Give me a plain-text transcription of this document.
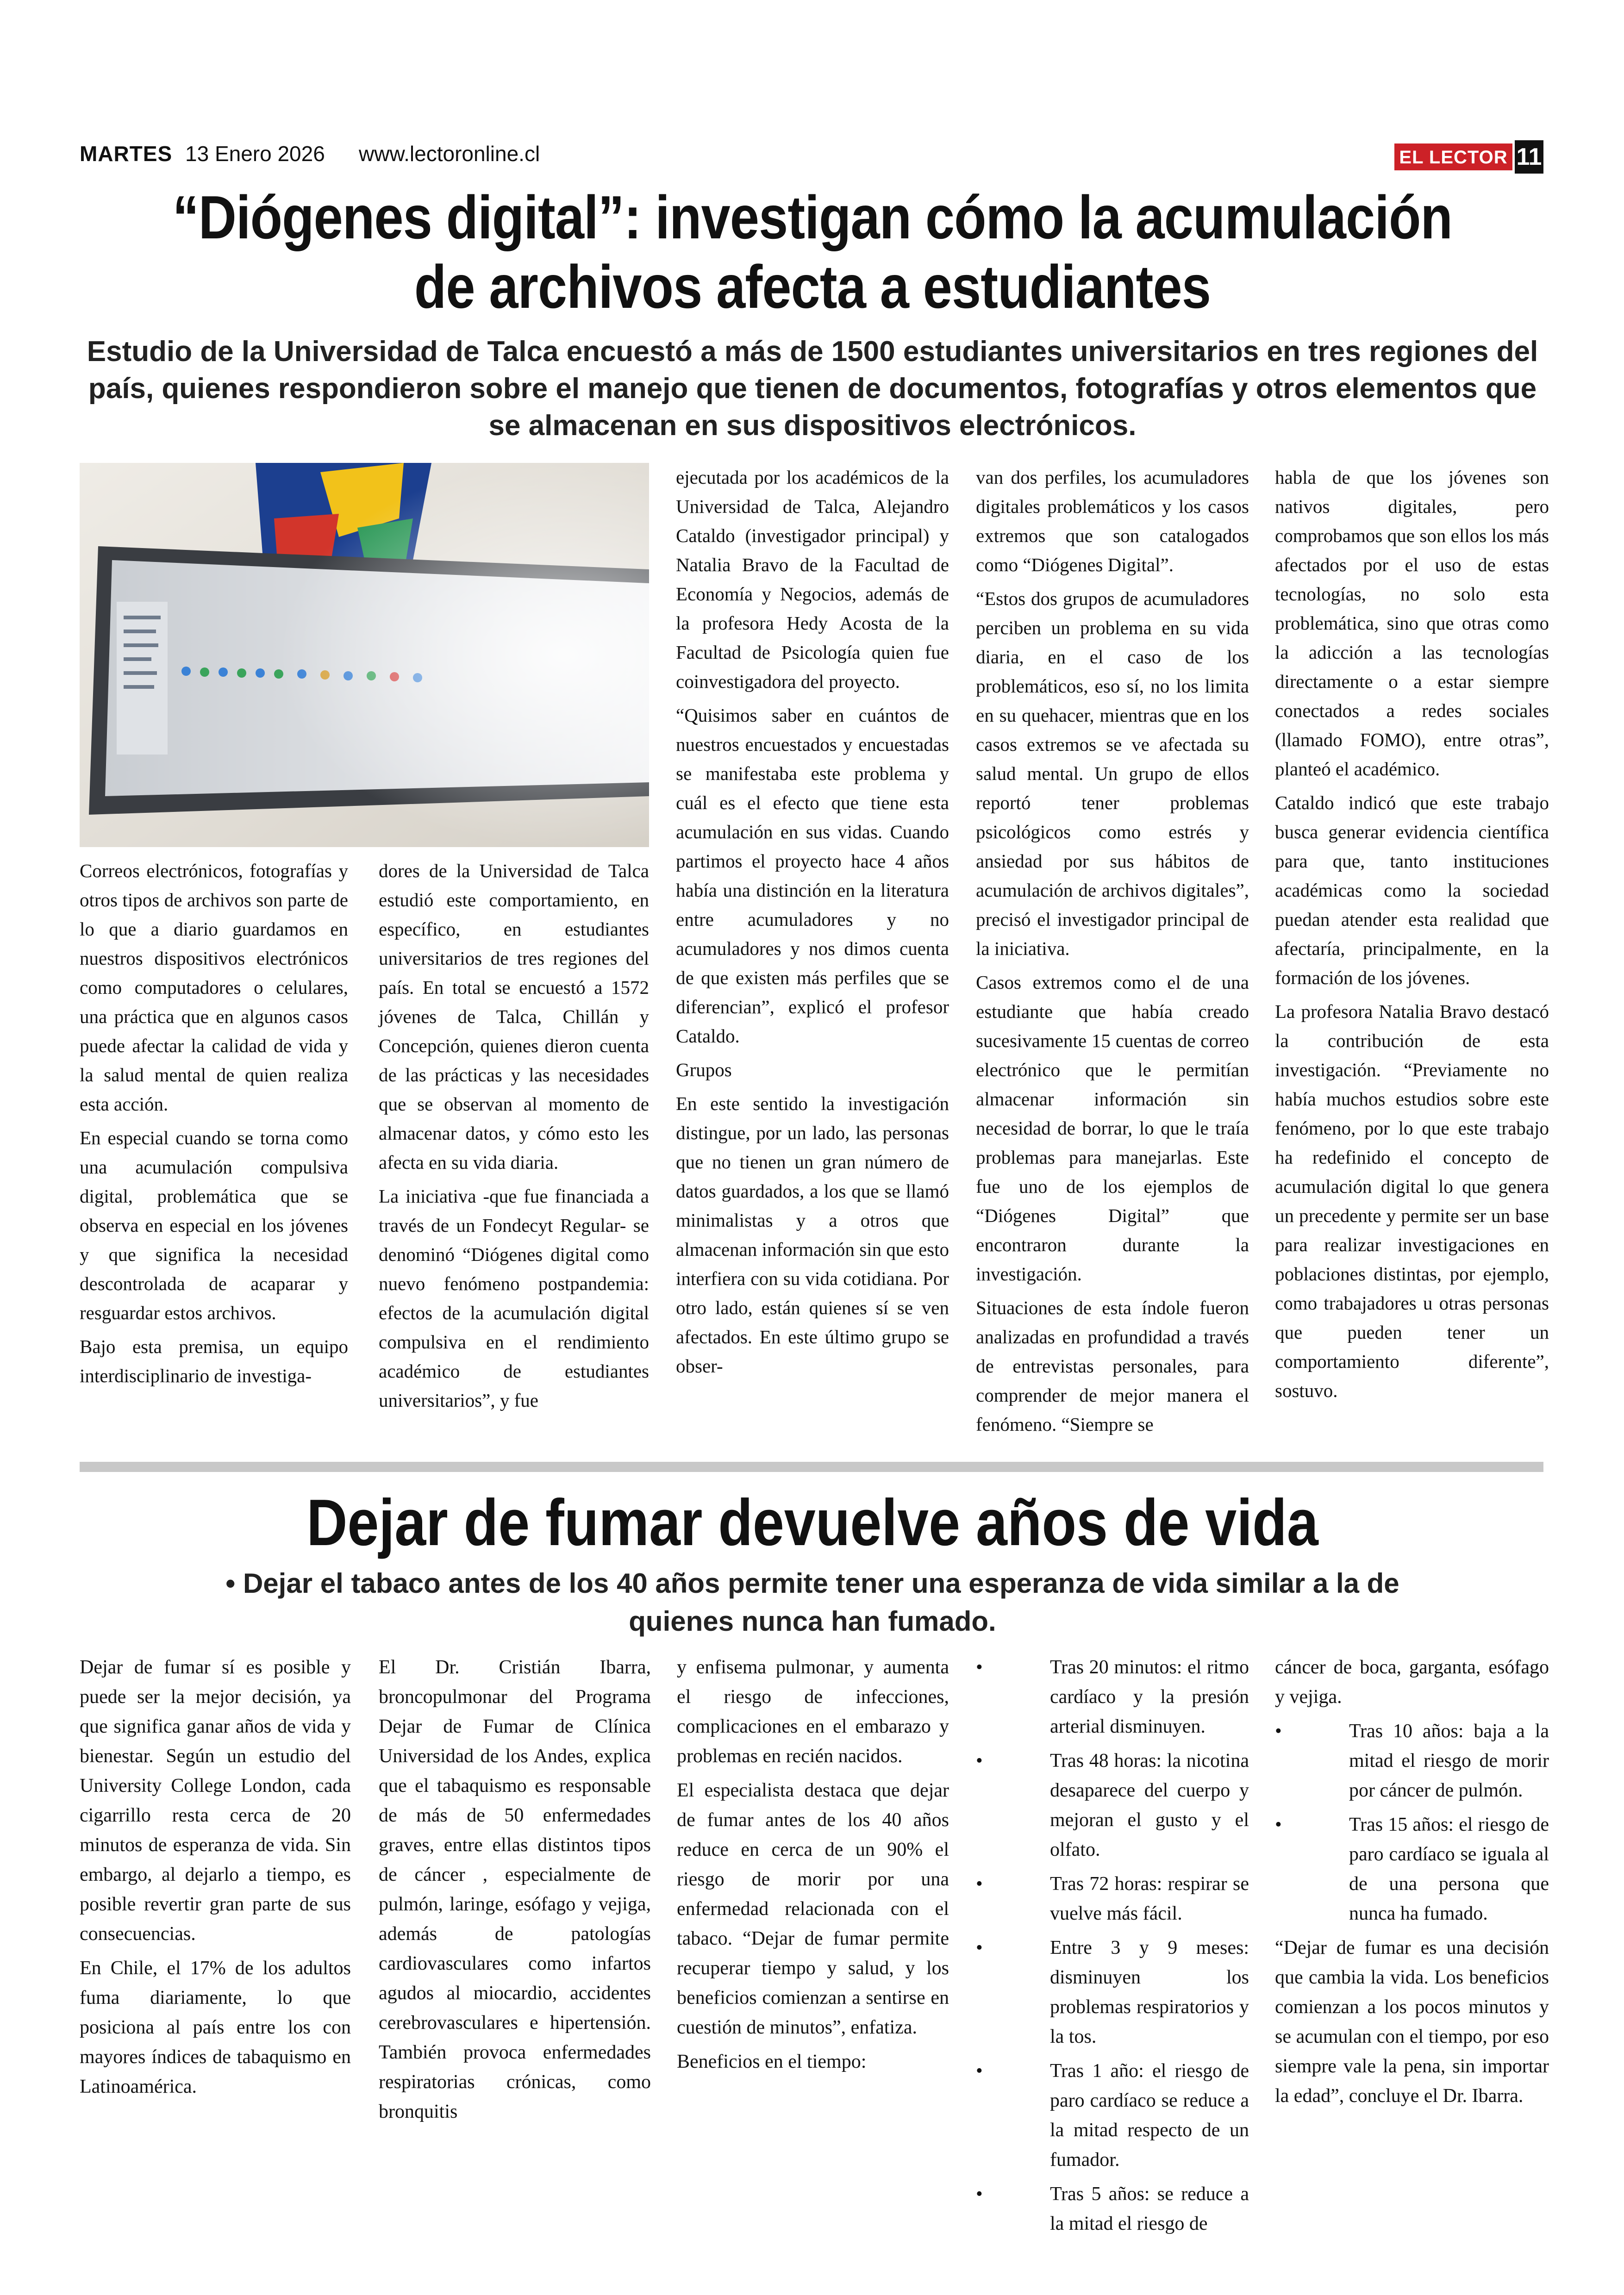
MARTES 13 Enero 2026 www.lectoronline.cl	EL LECTOR 11
“Diógenes digital”: investigan cómo la acumulación de archivos afecta a estudiantes
Estudio de la Universidad de Talca encuestó a más de 1500 estudiantes universitarios en tres regiones del país, quienes respondieron sobre el manejo que tienen de documentos, fotografías y otros elementos que se almacenan en sus dispositivos electrónicos.

Correos electrónicos, fotografías y otros tipos de archivos son parte de lo que a diario guardamos en nuestros dispositivos electrónicos como computadores o celulares, una práctica que en algunos casos puede afectar la calidad de vida y la salud mental de quien realiza esta acción.

En especial cuando se torna como una acumulación compulsiva digital, problemática que se observa en especial en los jóvenes y que significa la necesidad descontrolada de acaparar y resguardar estos archivos.

Bajo esta premisa, un equipo interdisciplinario de investiga-

dores de la Universidad de Talca estudió este comportamiento, en específico, en estudiantes universitarios de tres regiones del país. En total se encuestó a 1572 jóvenes de Talca, Chillán y Concepción, quienes dieron cuenta de las prácticas y las necesidades que se observan al momento de almacenar datos, y cómo esto les afecta en su vida diaria.

La iniciativa -que fue financiada a través de un Fondecyt Regular- se denominó “Diógenes digital como nuevo fenómeno postpandemia: efectos de la acumulación digital compulsiva en el rendimiento académico de estudiantes universitarios”, y fue

ejecutada por los académicos de la Universidad de Talca, Alejandro Cataldo (investigador principal) y Natalia Bravo de la Facultad de Economía y Negocios, además de la profesora Hedy Acosta de la Facultad de Psicología quien fue coinvestigadora del proyecto.

“Quisimos saber en cuántos de nuestros encuestados y encuestadas se manifestaba este problema y cuál es el efecto que tiene esta acumulación en sus vidas. Cuando partimos el proyecto hace 4 años había una distinción en la literatura entre acumuladores y no acumuladores y nos dimos cuenta de que existen más perfiles que se diferencian”, explicó el profesor Cataldo.

Grupos

En este sentido la investigación distingue, por un lado, las personas que no tienen un gran número de datos guardados, a los que se llamó minimalistas y a otros que almacenan información sin que esto interfiera con su vida cotidiana. Por otro lado, están quienes sí se ven afectados. En este último grupo se obser-

van dos perfiles, los acumuladores digitales problemáticos y los casos extremos que son catalogados como “Diógenes Digital”.

“Estos dos grupos de acumuladores perciben un problema en su vida diaria, en el caso de los problemáticos, eso sí, no los limita en su quehacer, mientras que en los casos extremos se ve afectada su salud mental. Un grupo de ellos reportó tener problemas psicológicos como estrés y ansiedad por sus hábitos de acumulación de archivos digitales”, precisó el investigador principal de la iniciativa.

Casos extremos como el de una estudiante que había creado sucesivamente 15 cuentas de correo electrónico que le permitían almacenar información sin necesidad de borrar, lo que le traía problemas para manejarlas. Este fue uno de los ejemplos de “Diógenes Digital” que encontraron durante la investigación.

Situaciones de esta índole fueron analizadas en profundidad a través de entrevistas personales, para comprender de mejor manera el fenómeno. “Siempre se

habla de que los jóvenes son nativos digitales, pero comprobamos que son ellos los más afectados por el uso de estas tecnologías, no solo esta problemática, sino que otras como la adicción a las tecnologías directamente o a estar siempre conectados a redes sociales (llamado FOMO), entre otras”, planteó el académico.

Cataldo indicó que este trabajo busca generar evidencia científica para que, tanto instituciones académicas como la sociedad puedan atender esta realidad que afectaría, principalmente, en la formación de los jóvenes.

La profesora Natalia Bravo destacó la contribución de esta investigación. “Previamente no había muchos estudios sobre este fenómeno, por lo que este trabajo ha redefinido el concepto de acumulación digital lo que genera un precedente y permite ser un base para realizar investigaciones en poblaciones distintas, por ejemplo, como trabajadores u otras personas que pueden tener un comportamiento diferente”, sostuvo.

Dejar de fumar devuelve años de vida
• Dejar el tabaco antes de los 40 años permite tener una esperanza de vida similar a la de quienes nunca han fumado.

Dejar de fumar sí es posible y puede ser la mejor decisión, ya que significa ganar años de vida y bienestar. Según un estudio del University College London, cada cigarrillo resta cerca de 20 minutos de esperanza de vida. Sin embargo, al dejarlo a tiempo, es posible revertir gran parte de sus consecuencias.

En Chile, el 17% de los adultos fuma diariamente, lo que posiciona al país entre los con mayores índices de tabaquismo en Latinoamérica.

El Dr. Cristián Ibarra, broncopulmonar del Programa Dejar de Fumar de Clínica Universidad de los Andes, explica que el tabaquismo es responsable de más de 50 enfermedades graves, entre ellas distintos tipos de cáncer , especialmente de pulmón, laringe, esófago y vejiga, además de patologías cardiovasculares como infartos agudos al miocardio, accidentes cerebrovasculares e hipertensión. También provoca enfermedades respiratorias crónicas, como bronquitis

y enfisema pulmonar, y aumenta el riesgo de infecciones, complicaciones en el embarazo y problemas en recién nacidos.

El especialista destaca que dejar de fumar antes de los 40 años reduce en cerca de un 90% el riesgo de morir por una enfermedad relacionada con el tabaco. “Dejar de fumar permite recuperar tiempo y salud, y los beneficios comienzan a sentirse en cuestión de minutos”, enfatiza.

Beneficios en el tiempo:

•	Tras 20 minutos: el ritmo cardíaco y la presión arterial disminuyen.

•	Tras 48 horas: la nicotina desaparece del cuerpo y mejoran el gusto y el olfato.

•	Tras 72 horas: respirar se vuelve más fácil.

•	Entre 3 y 9 meses: disminuyen los problemas respiratorios y la tos.

•	Tras 1 año: el riesgo de paro cardíaco se reduce a la mitad respecto de un fumador.

•	Tras 5 años: se reduce a la mitad el riesgo de

cáncer de boca, garganta, esófago y vejiga.

•	Tras 10 años: baja a la mitad el riesgo de morir por cáncer de pulmón.

•	Tras 15 años: el riesgo de paro cardíaco se iguala al de una persona que nunca ha fumado.

“Dejar de fumar es una decisión que cambia la vida. Los beneficios comienzan a los pocos minutos y se acumulan con el tiempo, por eso siempre vale la pena, sin importar la edad”, concluye el Dr. Ibarra.
